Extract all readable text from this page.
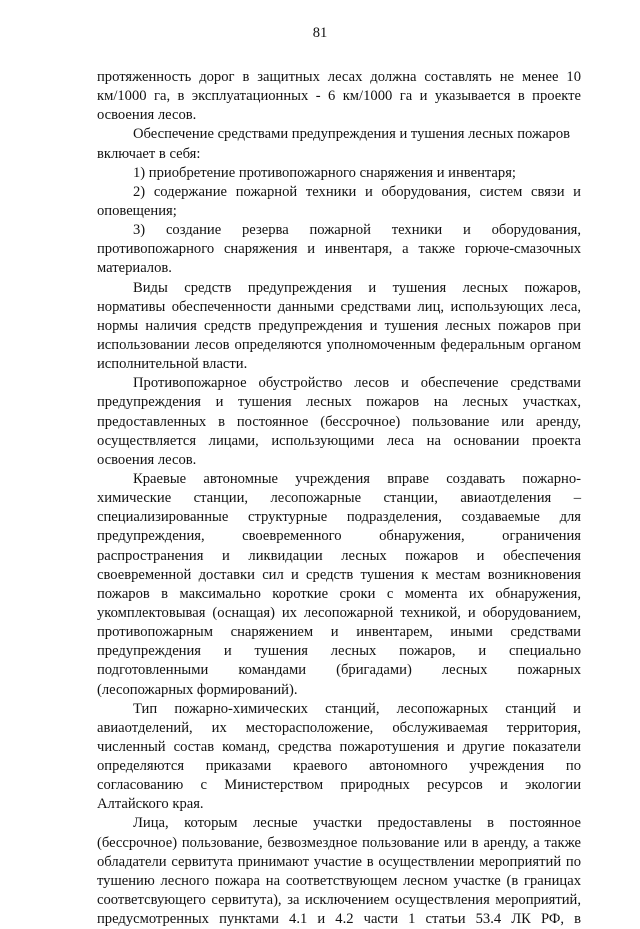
81
протяженность дорог в защитных лесах должна составлять не менее 10
км/1000 га, в эксплуатационных - 6 км/1000 га и указывается в проекте
освоения лесов.
Обеспечение средствами предупреждения и тушения лесных пожаров
включает в себя:
1) приобретение противопожарного снаряжения и инвентаря;
2) содержание пожарной техники и оборудования, систем связи и
оповещения;
3) создание резерва пожарной техники и оборудования,
противопожарного снаряжения и инвентаря, а также горюче-смазочных
материалов.
Виды средств предупреждения и тушения лесных пожаров,
нормативы обеспеченности данными средствами лиц, использующих леса,
нормы наличия средств предупреждения и тушения лесных пожаров при
использовании лесов определяются уполномоченным федеральным органом
исполнительной власти.
Противопожарное обустройство лесов и обеспечение средствами
предупреждения и тушения лесных пожаров на лесных участках,
предоставленных в постоянное (бессрочное) пользование или аренду,
осуществляется лицами, использующими леса на основании проекта
освоения лесов.
Краевые автономные учреждения вправе создавать пожарно-
химические станции, лесопожарные станции, авиаотделения –
специализированные структурные подразделения, создаваемые для
предупреждения, своевременного обнаружения, ограничения
распространения и ликвидации лесных пожаров и обеспечения
своевременной доставки сил и средств тушения к местам возникновения
пожаров в максимально короткие сроки с момента их обнаружения,
укомплектовывая (оснащая) их лесопожарной техникой, и оборудованием,
противопожарным снаряжением и инвентарем, иными средствами
предупреждения и тушения лесных пожаров, и специально
подготовленными командами (бригадами) лесных пожарных
(лесопожарных формирований).
Тип пожарно-химических станций, лесопожарных станций и
авиаотделений, их месторасположение, обслуживаемая территория,
численный состав команд, средства пожаротушения и другие показатели
определяются приказами краевого автономного учреждения по
согласованию с Министерством природных ресурсов и экологии
Алтайского края.
Лица, которым лесные участки предоставлены в постоянное
(бессрочное) пользование, безвозмездное пользование или в аренду, а также
обладатели сервитута принимают участие в осуществлении мероприятий по
тушению лесного пожара на соответствующем лесном участке (в границах
соответсвующего сервитута), за исключением осуществления мероприятий,
предусмотренных пунктами 4.1 и 4.2 части 1 статьи 53.4 ЛК РФ, в
